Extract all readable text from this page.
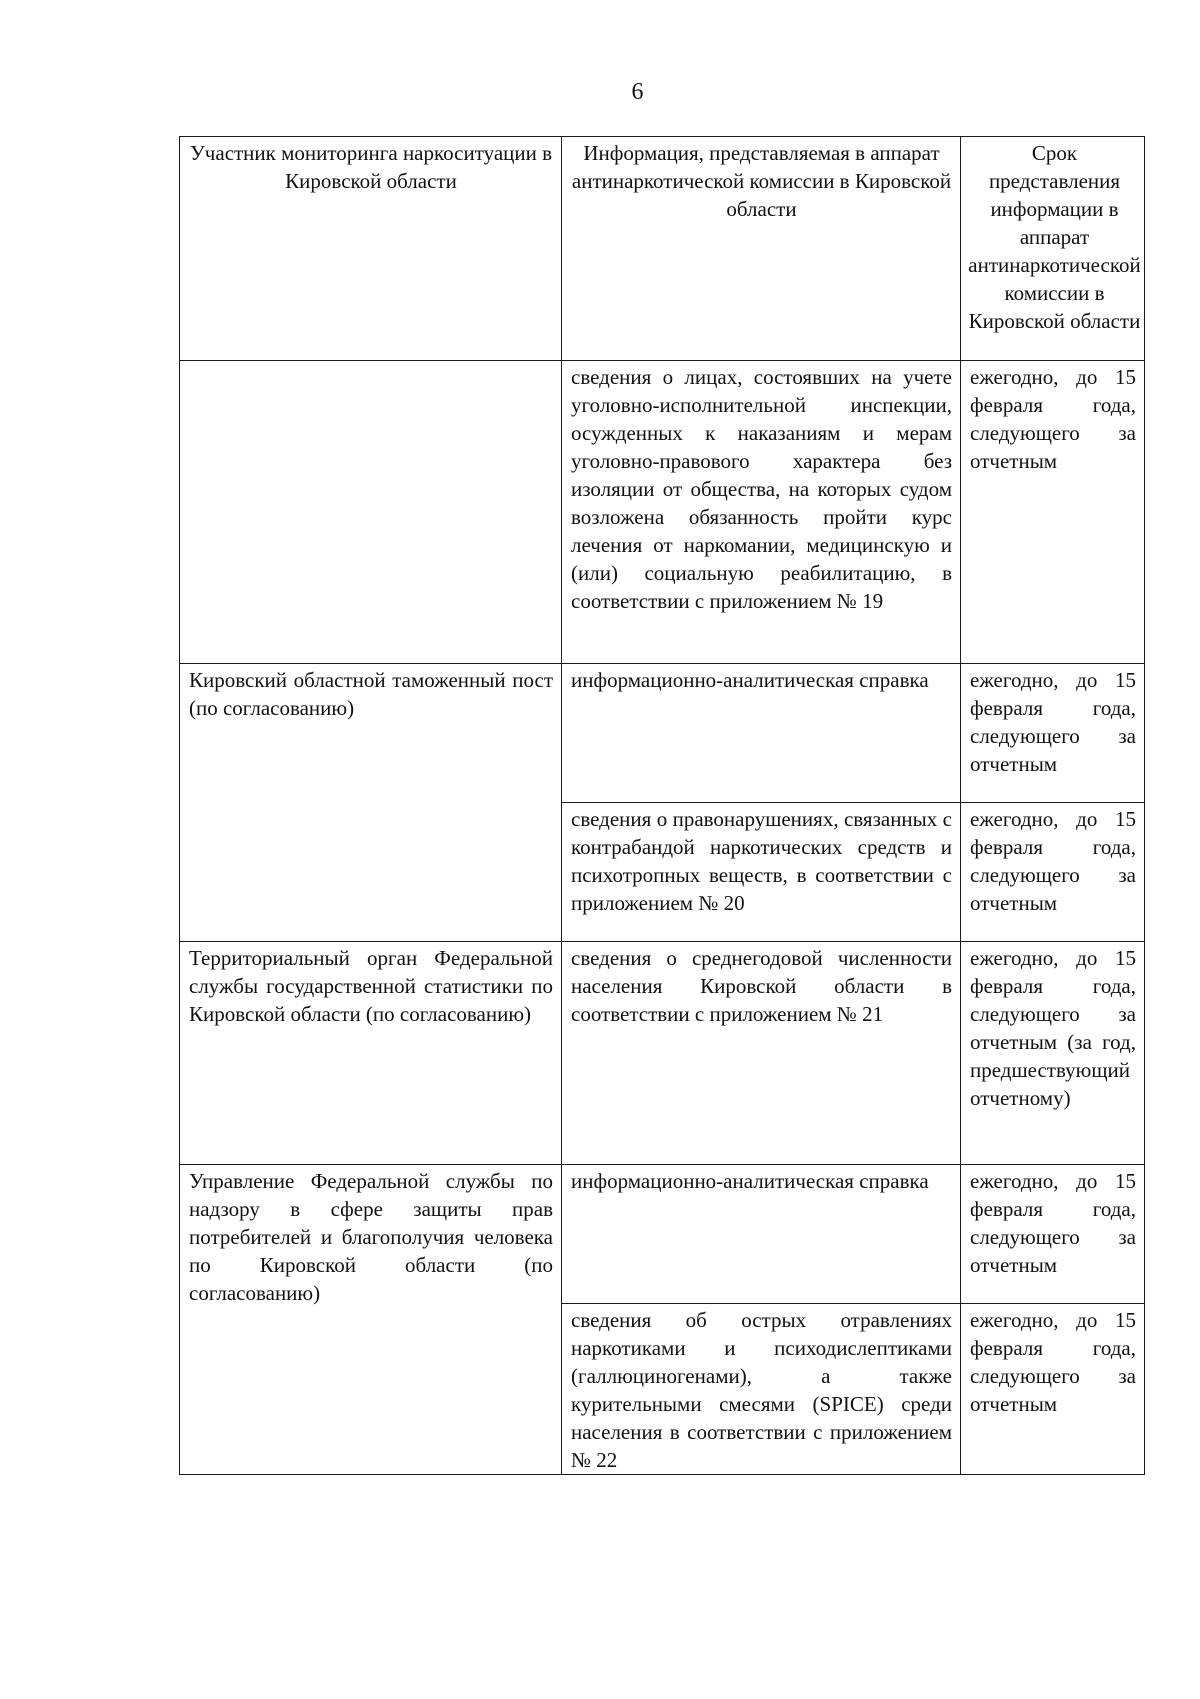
6
Участник мониторинга наркоситуации в Кировской области	Информация, представляемая в аппарат антинаркотической комиссии в Кировской области	Срок представления информации в аппарат антинаркотической комиссии в Кировской области
	сведения о лицах, состоявших на учете уголовно-исполнительной инспекции, осужденных к наказаниям и мерам уголовно-правового характера без изоляции от общества, на которых судом возложена обязанность пройти курс лечения от наркомании, медицинскую и (или) социальную реабилитацию, в соответствии с приложением № 19	ежегодно, до 15 февраля года, следующего за отчетным
Кировский областной таможенный пост (по согласованию)	информационно-аналитическая справка	ежегодно, до 15 февраля года, следующего за отчетным
	сведения о правонарушениях, связанных с контрабандой наркотических средств и психотропных веществ, в соответствии с приложением № 20	ежегодно, до 15 февраля года, следующего за отчетным
Территориальный орган Федеральной службы государственной статистики по Кировской области (по согласованию)	сведения о среднегодовой численности населения Кировской области в соответствии с приложением № 21	ежегодно, до 15 февраля года, следующего за отчетным (за год, предшествующий отчетному)
Управление Федеральной службы по надзору в сфере защиты прав потребителей и благополучия человека по Кировской области (по согласованию)	информационно-аналитическая справка	ежегодно, до 15 февраля года, следующего за отчетным
	сведения об острых отравлениях наркотиками и психодислептиками (галлюциногенами), а также курительными смесями (SPICE) среди населения в соответствии с приложением № 22	ежегодно, до 15 февраля года, следующего за отчетным
